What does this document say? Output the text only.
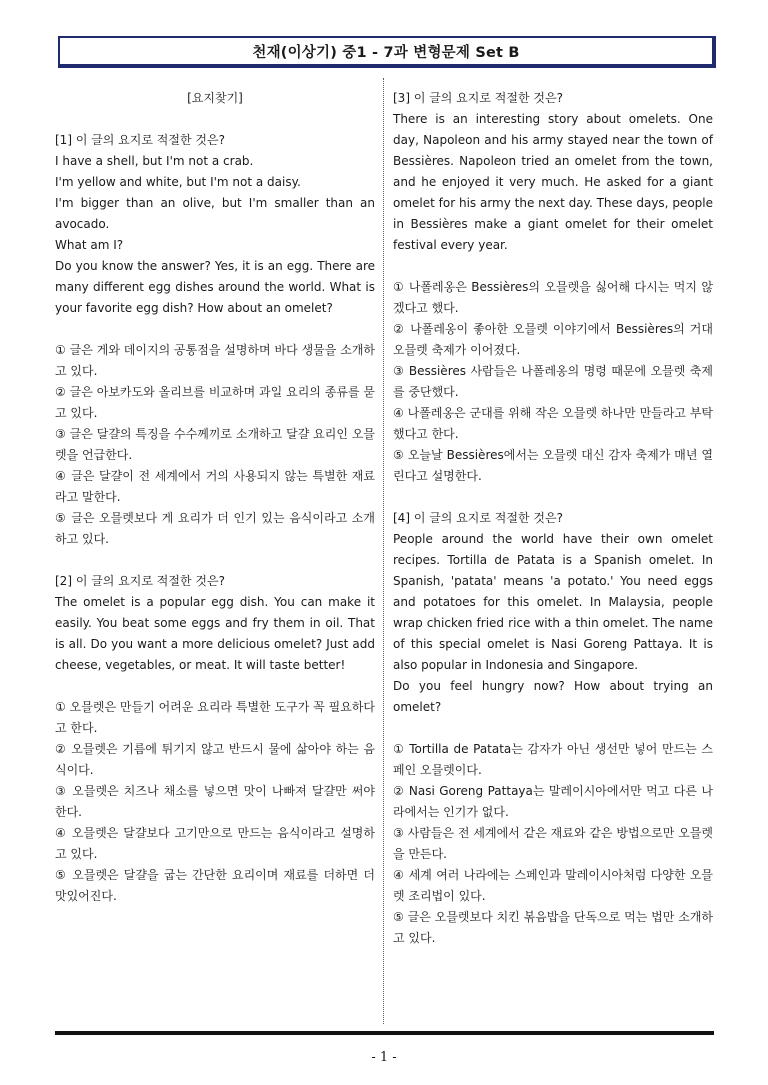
천재(이상기) 중1 - 7과 변형문제 Set B

[요지찾기]

[1] 이 글의 요지로 적절한 것은?

I have a shell, but I'm not a crab.

I'm yellow and white, but I'm not a daisy.

I'm bigger than an olive, but I'm smaller than an avocado.

What am I?

Do you know the answer? Yes, it is an egg. There are many different egg dishes around the world. What is your favorite egg dish? How about an omelet?

① 글은 게와 데이지의 공통점을 설명하며 바다 생물을 소개하고 있다.

② 글은 아보카도와 올리브를 비교하며 과일 요리의 종류를 묻고 있다.

③ 글은 달걀의 특징을 수수께끼로 소개하고 달걀 요리인 오믈렛을 언급한다.

④ 글은 달걀이 전 세계에서 거의 사용되지 않는 특별한 재료라고 말한다.

⑤ 글은 오믈렛보다 게 요리가 더 인기 있는 음식이라고 소개하고 있다.

[2] 이 글의 요지로 적절한 것은?

The omelet is a popular egg dish. You can make it easily. You beat some eggs and fry them in oil. That is all. Do you want a more delicious omelet? Just add cheese, vegetables, or meat. It will taste better!

① 오믈렛은 만들기 어려운 요리라 특별한 도구가 꼭 필요하다고 한다.

② 오믈렛은 기름에 튀기지 않고 반드시 물에 삶아야 하는 음식이다.

③ 오믈렛은 치즈나 채소를 넣으면 맛이 나빠져 달걀만 써야 한다.

④ 오믈렛은 달걀보다 고기만으로 만드는 음식이라고 설명하고 있다.

⑤ 오믈렛은 달걀을 굽는 간단한 요리이며 재료를 더하면 더 맛있어진다.

[3] 이 글의 요지로 적절한 것은?

There is an interesting story about omelets. One day, Napoleon and his army stayed near the town of Bessières. Napoleon tried an omelet from the town, and he enjoyed it very much. He asked for a giant omelet for his army the next day. These days, people in Bessières make a giant omelet for their omelet festival every year.

① 나폴레옹은 Bessières의 오믈렛을 싫어해 다시는 먹지 않겠다고 했다.

② 나폴레옹이 좋아한 오믈렛 이야기에서 Bessières의 거대 오믈렛 축제가 이어졌다.

③ Bessières 사람들은 나폴레옹의 명령 때문에 오믈렛 축제를 중단했다.

④ 나폴레옹은 군대를 위해 작은 오믈렛 하나만 만들라고 부탁했다고 한다.

⑤ 오늘날 Bessières에서는 오믈렛 대신 감자 축제가 매년 열린다고 설명한다.

[4] 이 글의 요지로 적절한 것은?

People around the world have their own omelet recipes. Tortilla de Patata is a Spanish omelet. In Spanish, 'patata' means 'a potato.' You need eggs and potatoes for this omelet. In Malaysia, people wrap chicken fried rice with a thin omelet. The name of this special omelet is Nasi Goreng Pattaya. It is also popular in Indonesia and Singapore.

Do you feel hungry now? How about trying an omelet?

① Tortilla de Patata는 감자가 아닌 생선만 넣어 만드는 스페인 오믈렛이다.

② Nasi Goreng Pattaya는 말레이시아에서만 먹고 다른 나라에서는 인기가 없다.

③ 사람들은 전 세계에서 같은 재료와 같은 방법으로만 오믈렛을 만든다.

④ 세계 여러 나라에는 스페인과 말레이시아처럼 다양한 오믈렛 조리법이 있다.

⑤ 글은 오믈렛보다 치킨 볶음밥을 단독으로 먹는 법만 소개하고 있다.

- 1 -
